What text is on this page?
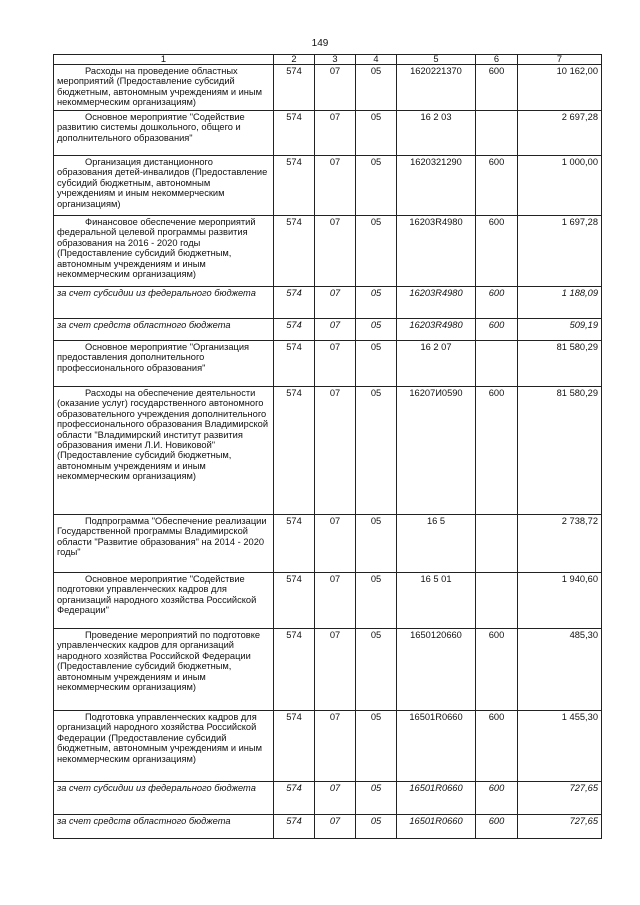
149
1	2	3	4	5	6	7
Расходы на проведение областных мероприятий (Предоставление субсидий бюджетным, автономным учреждениям и иным некоммерческим организациям)	574	07	05	1620221370	600	10 162,00
Основное мероприятие "Содействие развитию системы дошкольного, общего и дополнительного образования"	574	07	05	16 2 03		2 697,28
Организация дистанционного образования детей-инвалидов (Предоставление субсидий бюджетным, автономным учреждениям и иным некоммерческим организациям)	574	07	05	1620321290	600	1 000,00
Финансовое обеспечение мероприятий федеральной целевой программы развития образования на 2016 - 2020 годы (Предоставление субсидий бюджетным, автономным учреждениям и иным некоммерческим организациям)	574	07	05	16203R4980	600	1 697,28
за счет субсидии из федерального бюджета	574	07	05	16203R4980	600	1 188,09
за счет средств областного бюджета	574	07	05	16203R4980	600	509,19
Основное мероприятие "Организация предоставления дополнительного профессионального образования"	574	07	05	16 2 07		81 580,29
Расходы на обеспечение деятельности (оказание услуг) государственного автономного образовательного учреждения дополнительного профессионального образования Владимирской области "Владимирский институт развития образования имени Л.И. Новиковой" (Предоставление субсидий бюджетным, автономным учреждениям и иным некоммерческим организациям)	574	07	05	16207И0590	600	81 580,29
Подпрограмма "Обеспечение реализации Государственной программы Владимирской области "Развитие образования" на 2014 - 2020 годы"	574	07	05	16 5		2 738,72
Основное мероприятие "Содействие подготовки управленческих кадров для организаций народного хозяйства Российской Федерации"	574	07	05	16 5 01		1 940,60
Проведение мероприятий по подготовке управленческих кадров для организаций народного хозяйства Российской Федерации (Предоставление субсидий бюджетным, автономным учреждениям и иным некоммерческим организациям)	574	07	05	1650120660	600	485,30
Подготовка управленческих кадров для организаций народного хозяйства Российской Федерации (Предоставление субсидий бюджетным, автономным учреждениям и иным некоммерческим организациям)	574	07	05	16501R0660	600	1 455,30
за счет субсидии из федерального бюджета	574	07	05	16501R0660	600	727,65
за счет средств областного бюджета	574	07	05	16501R0660	600	727,65
